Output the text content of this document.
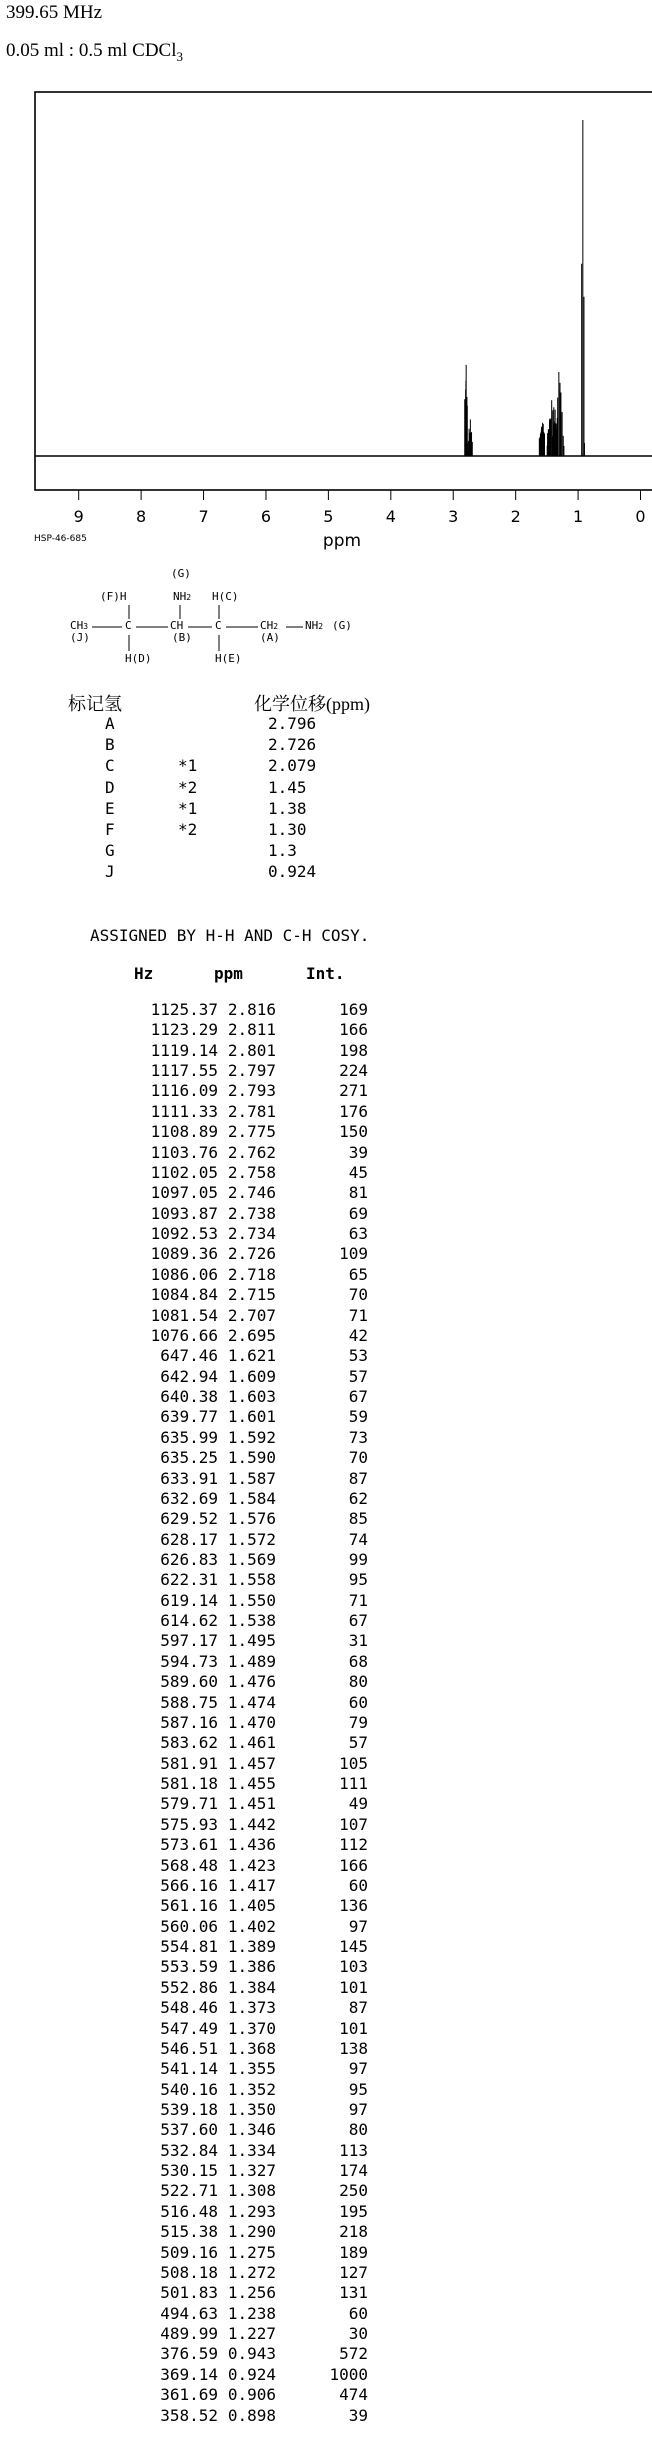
399.65 MHz
0.05 ml : 0.5 ml CDCl$_3$
9	8	7	6	5	4	3	2	1	0
ppm
HSP-46-685
(G)
NH2
(F)H	H(C)
CH3	C	CH	C	CH2 NH2 (G)
(J)	(B)	(A)
H(D)	H(E)
标记氢	化学位移(ppm)
A	2.796
B	2.726
C	*1	2.079
D	*2	1.45
E	*1	1.38
F	*2	1.30
G	1.3
J	0.924
ASSIGNED BY H-H AND C-H COSY.
Hz	ppm	Int.
1125.37 2.816	169
1123.29 2.811	166
1119.14 2.801	198
1117.55 2.797	224
1116.09 2.793	271
1111.33 2.781	176
1108.89 2.775	150
1103.76 2.762	39
1102.05 2.758	45
1097.05 2.746	81
1093.87 2.738	69
1092.53 2.734	63
1089.36 2.726	109
1086.06 2.718	65
1084.84 2.715	70
1081.54 2.707	71
1076.66 2.695	42
647.46 1.621	53
642.94 1.609	57
640.38 1.603	67
639.77 1.601	59
635.99 1.592	73
635.25 1.590	70
633.91 1.587	87
632.69 1.584	62
629.52 1.576	85
628.17 1.572	74
626.83 1.569	99
622.31 1.558	95
619.14 1.550	71
614.62 1.538	67
597.17 1.495	31
594.73 1.489	68
589.60 1.476	80
588.75 1.474	60
587.16 1.470	79
583.62 1.461	57
581.91 1.457	105
581.18 1.455	111
579.71 1.451	49
575.93 1.442	107
573.61 1.436	112
568.48 1.423	166
566.16 1.417	60
561.16 1.405	136
560.06 1.402	97
554.81 1.389	145
553.59 1.386	103
552.86 1.384	101
548.46 1.373	87
547.49 1.370	101
546.51 1.368	138
541.14 1.355	97
540.16 1.352	95
539.18 1.350	97
537.60 1.346	80
532.84 1.334	113
530.15 1.327	174
522.71 1.308	250
516.48 1.293	195
515.38 1.290	218
509.16 1.275	189
508.18 1.272	127
501.83 1.256	131
494.63 1.238	60
489.99 1.227	30
376.59 0.943	572
369.14 0.924	1000
361.69 0.906	474
358.52 0.898	39
